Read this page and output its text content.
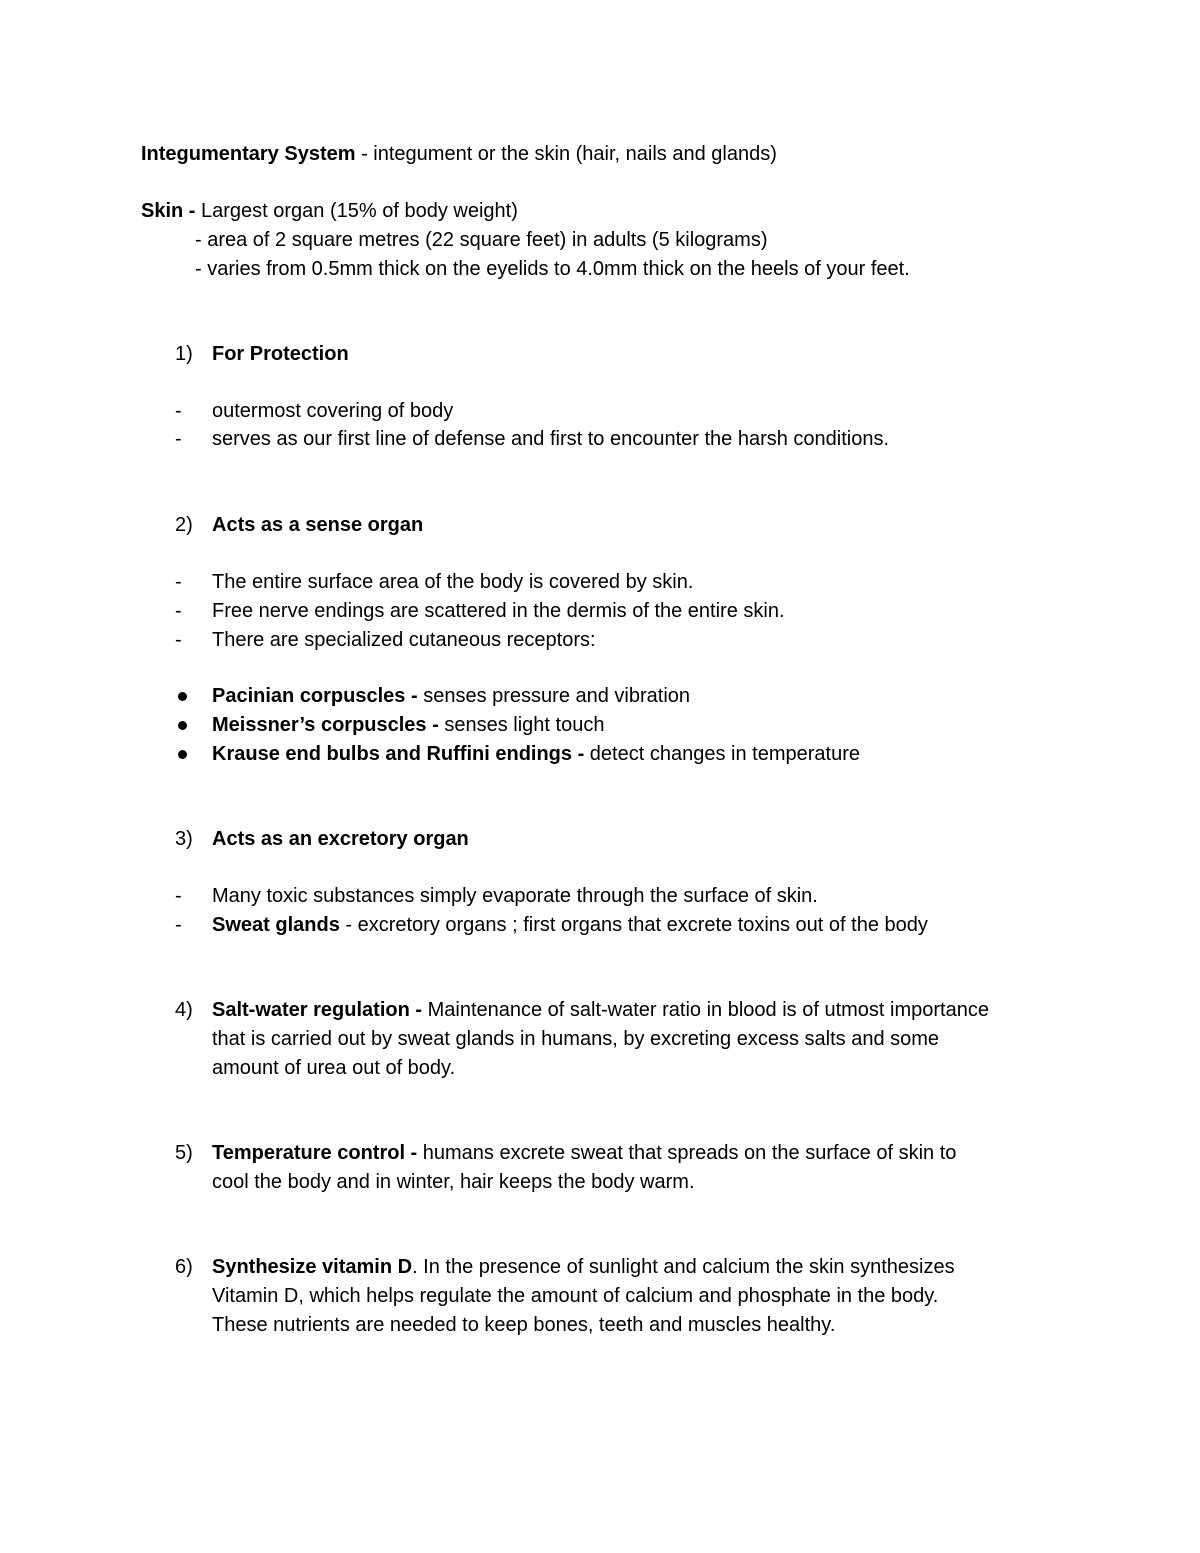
Integumentary System - integument or the skin (hair, nails and glands)
Skin - Largest organ (15% of body weight)
- area of 2 square metres (22 square feet) in adults (5 kilograms)
- varies from 0.5mm thick on the eyelids to 4.0mm thick on the heels of your feet.
1) For Protection
- outermost covering of body
- serves as our first line of defense and first to encounter the harsh conditions.
2) Acts as a sense organ
- The entire surface area of the body is covered by skin.
- Free nerve endings are scattered in the dermis of the entire skin.
- There are specialized cutaneous receptors:
Pacinian corpuscles - senses pressure and vibration
Meissner’s corpuscles - senses light touch
Krause end bulbs and Ruffini endings - detect changes in temperature
3) Acts as an excretory organ
- Many toxic substances simply evaporate through the surface of skin.
- Sweat glands - excretory organs ; first organs that excrete toxins out of the body
4) Salt-water regulation - Maintenance of salt-water ratio in blood is of utmost importance
that is carried out by sweat glands in humans, by excreting excess salts and some
amount of urea out of body.
5) Temperature control - humans excrete sweat that spreads on the surface of skin to
cool the body and in winter, hair keeps the body warm.
6) Synthesize vitamin D. In the presence of sunlight and calcium the skin synthesizes
Vitamin D, which helps regulate the amount of calcium and phosphate in the body.
These nutrients are needed to keep bones, teeth and muscles healthy.
